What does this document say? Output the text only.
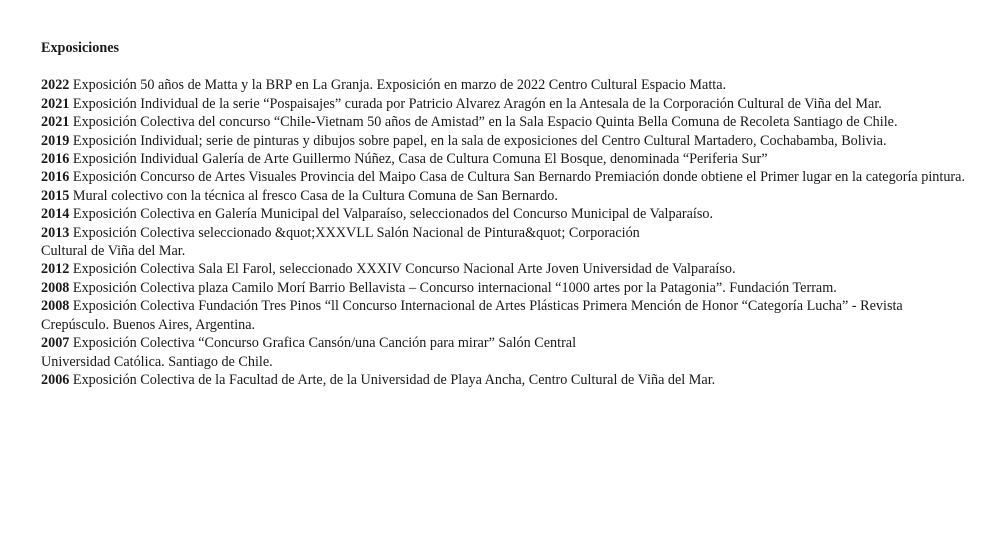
Exposiciones
2022 Exposición 50 años de Matta y la BRP en La Granja. Exposición en marzo de 2022 Centro Cultural Espacio Matta.
2021 Exposición Individual de la serie “Pospaisajes” curada por Patricio Alvarez Aragón en la Antesala de la Corporación Cultural de Viña del Mar.
2021 Exposición Colectiva del concurso “Chile-Vietnam 50 años de Amistad” en la Sala Espacio Quinta Bella Comuna de Recoleta Santiago de Chile.
2019 Exposición Individual; serie de pinturas y dibujos sobre papel, en la sala de exposiciones del Centro Cultural Martadero, Cochabamba, Bolivia.
2016 Exposición Individual Galería de Arte Guillermo Núñez, Casa de Cultura Comuna El Bosque, denominada “Periferia Sur”
2016 Exposición Concurso de Artes Visuales Provincia del Maipo Casa de Cultura San Bernardo Premiación donde obtiene el Primer lugar en la categoría pintura.
2015 Mural colectivo con la técnica al fresco Casa de la Cultura Comuna de San Bernardo.
2014 Exposición Colectiva en Galería Municipal del Valparaíso, seleccionados del Concurso Municipal de Valparaíso.
2013 Exposición Colectiva seleccionado &quot;XXXVLL Salón Nacional de Pintura&quot; Corporación
Cultural de Viña del Mar.
2012 Exposición Colectiva Sala El Farol, seleccionado XXXIV Concurso Nacional Arte Joven Universidad de Valparaíso.
2008 Exposición Colectiva plaza Camilo Morí Barrio Bellavista – Concurso internacional “1000 artes por la Patagonia”. Fundación Terram.
2008 Exposición Colectiva Fundación Tres Pinos “ll Concurso Internacional de Artes Plásticas Primera Mención de Honor “Categoría Lucha” - Revista Crepúsculo. Buenos Aires, Argentina.
2007 Exposición Colectiva “Concurso Grafica Cansón/una Canción para mirar” Salón Central
Universidad Católica. Santiago de Chile.
2006 Exposición Colectiva de la Facultad de Arte, de la Universidad de Playa Ancha, Centro Cultural de Viña del Mar.
